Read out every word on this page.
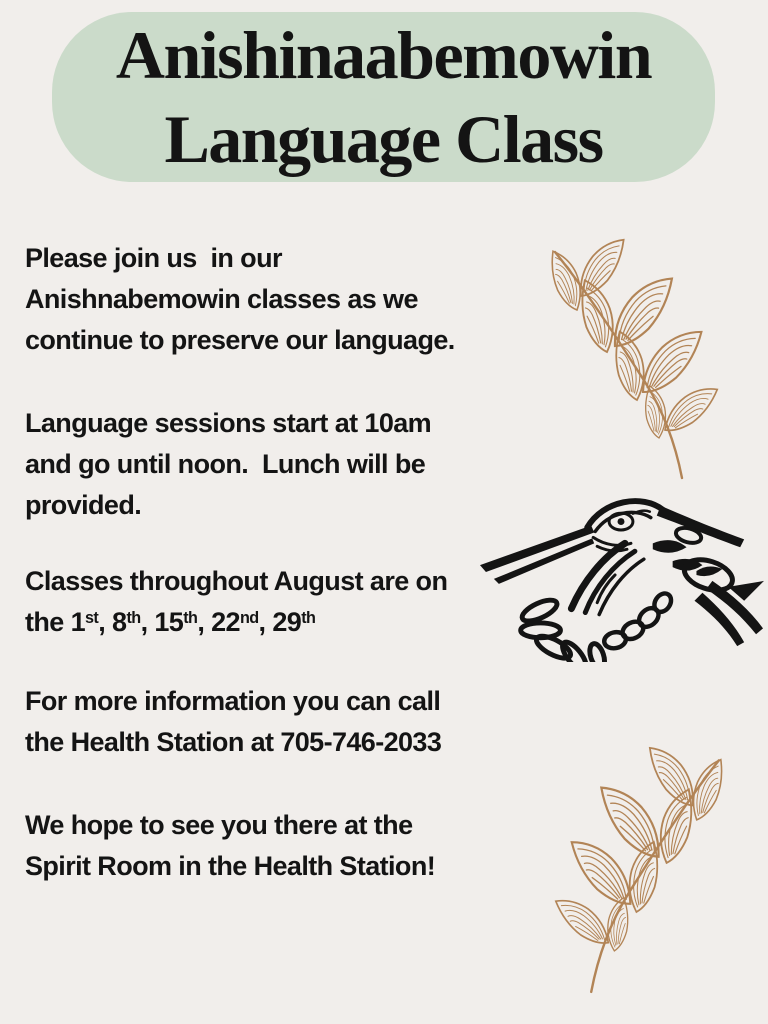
Anishinaabemowin
Language Class
Please join us  in our
Anishnabemowin classes as we
continue to preserve our language.
Language sessions start at 10am
and go until noon.  Lunch will be
provided.
Classes throughout August are on
the 1st, 8th, 15th, 22nd, 29th
For more information you can call
the Health Station at 705-746-2033
We hope to see you there at the
Spirit Room in the Health Station!
